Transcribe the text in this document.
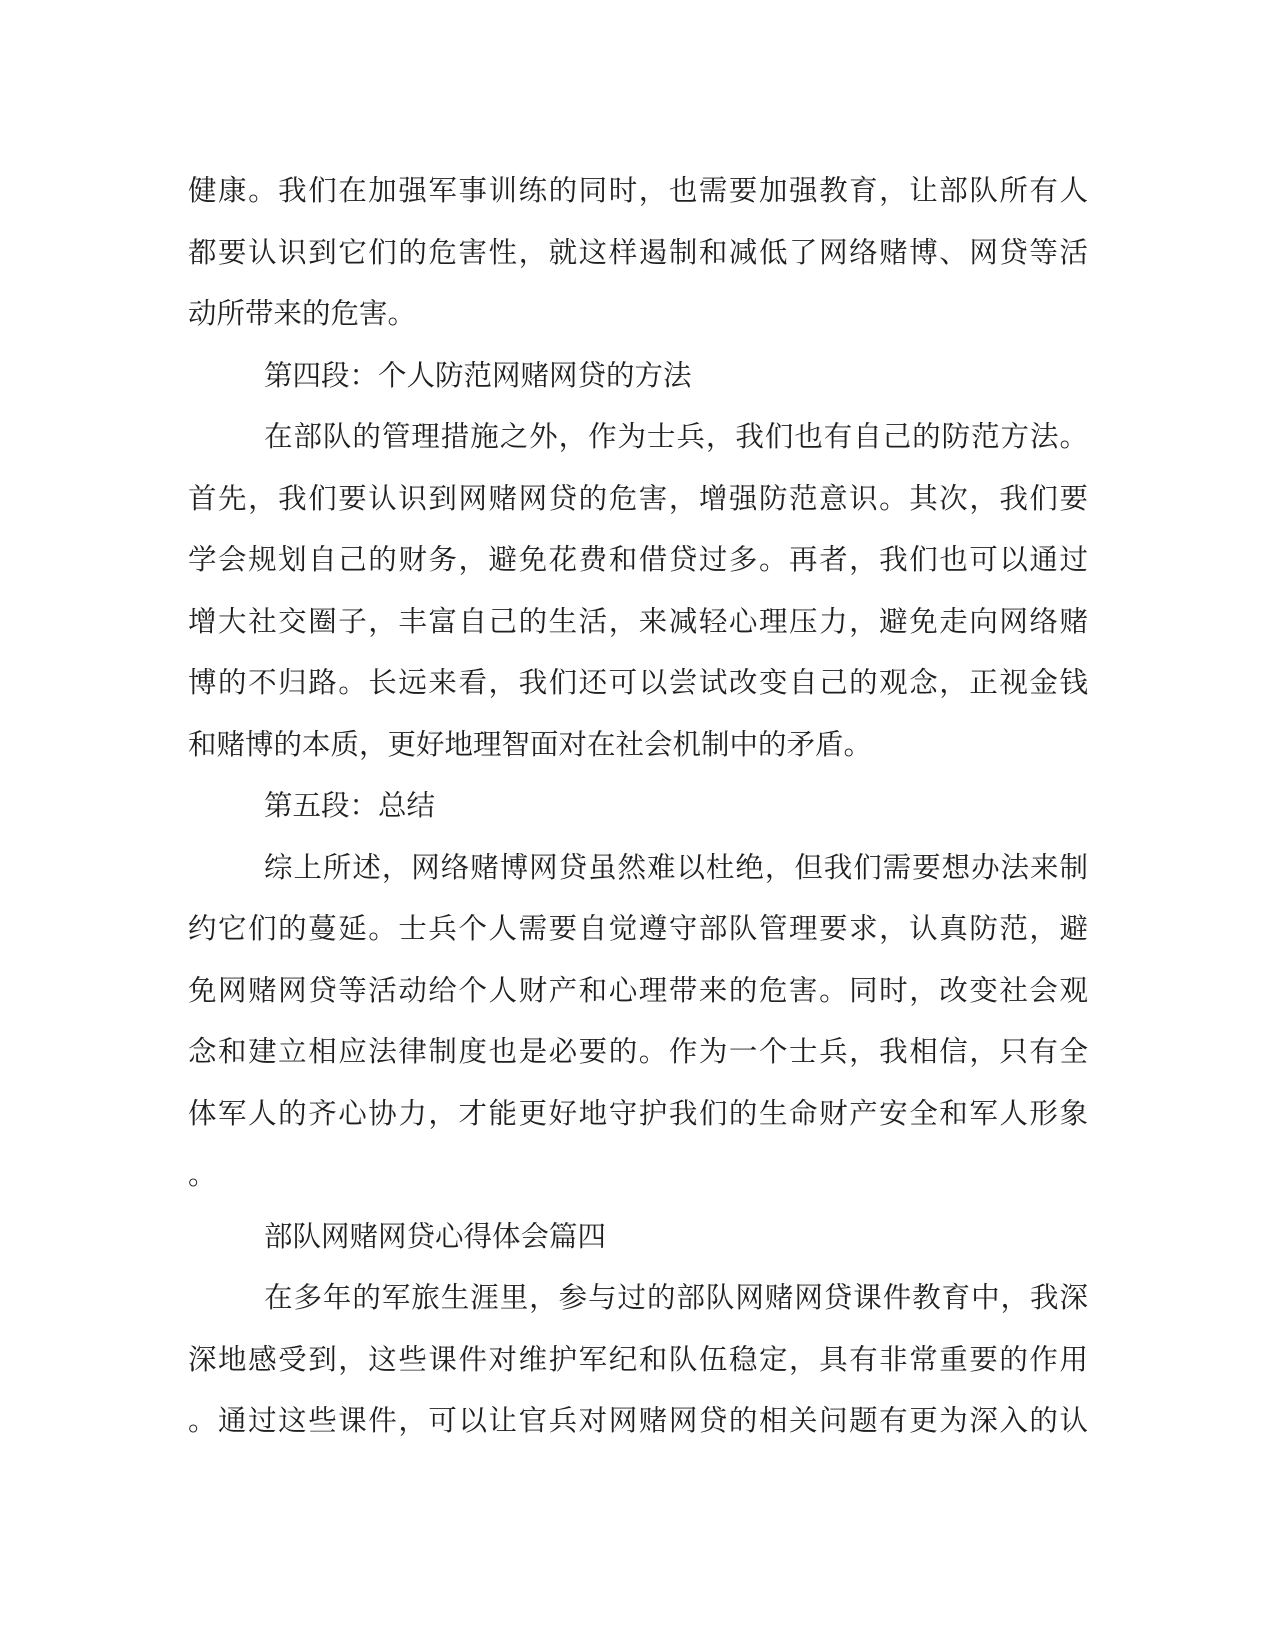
健康。我们在加强军事训练的同时，也需要加强教育，让部队所有人
都要认识到它们的危害性，就这样遏制和减低了网络赌博、网贷等活
动所带来的危害。
第四段：个人防范网赌网贷的方法
在部队的管理措施之外，作为士兵，我们也有自己的防范方法。
首先，我们要认识到网赌网贷的危害，增强防范意识。其次，我们要
学会规划自己的财务，避免花费和借贷过多。再者，我们也可以通过
增大社交圈子，丰富自己的生活，来减轻心理压力，避免走向网络赌
博的不归路。长远来看，我们还可以尝试改变自己的观念，正视金钱
和赌博的本质，更好地理智面对在社会机制中的矛盾。
第五段：总结
综上所述，网络赌博网贷虽然难以杜绝，但我们需要想办法来制
约它们的蔓延。士兵个人需要自觉遵守部队管理要求，认真防范，避
免网赌网贷等活动给个人财产和心理带来的危害。同时，改变社会观
念和建立相应法律制度也是必要的。作为一个士兵，我相信，只有全
体军人的齐心协力，才能更好地守护我们的生命财产安全和军人形象
。
部队网赌网贷心得体会篇四
在多年的军旅生涯里，参与过的部队网赌网贷课件教育中，我深
深地感受到，这些课件对维护军纪和队伍稳定，具有非常重要的作用
。通过这些课件，可以让官兵对网赌网贷的相关问题有更为深入的认
